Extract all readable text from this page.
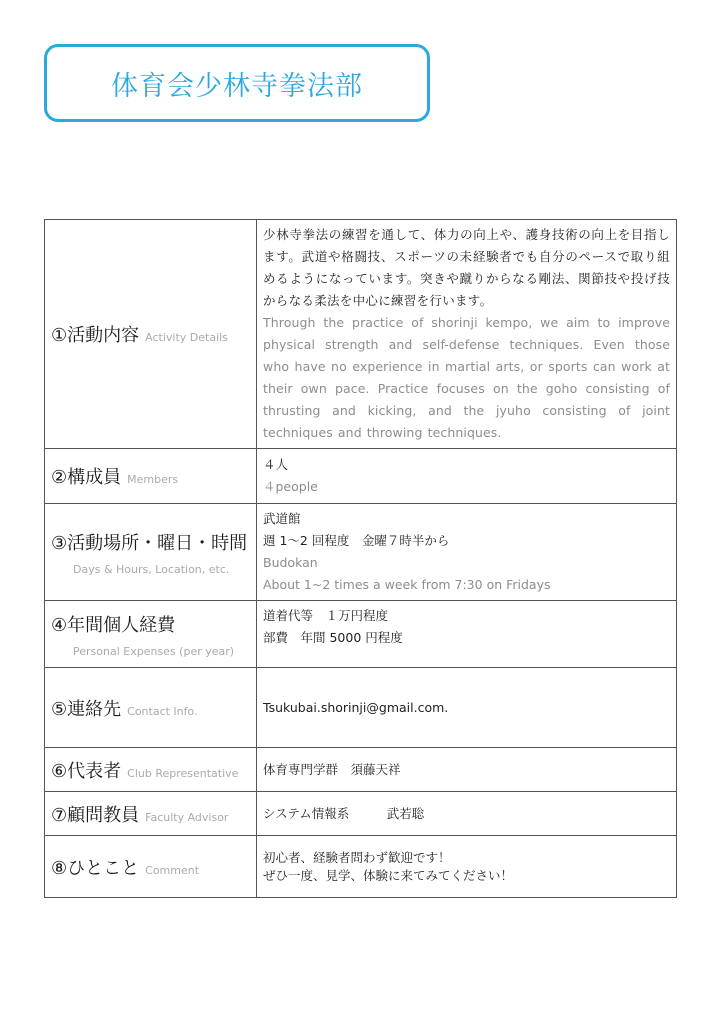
体育会少林寺拳法部
①活動内容 Activity Details	少林寺拳法の練習を通して、体力の向上や、護身技術の向上を目指します。武道や格闘技、スポーツの未経験者でも自分のペースで取り組めるようになっています。突きや蹴りからなる剛法、関節技や投げ技からなる柔法を中心に練習を行います。
Through the practice of shorinji kempo, we aim to improve physical strength and self-defense techniques. Even those who have no experience in martial arts, or sports can work at their own pace. Practice focuses on the goho consisting of thrusting and kicking, and the jyuho consisting of joint techniques and throwing techniques.

②構成員 Members	４人
４people

③活動場所・曜日・時間
Days & Hours, Location, etc.	武道館
週 1～2 回程度　金曜７時半から
Budokan
About 1~2 times a week from 7:30 on Fridays

④年間個人経費
Personal Expenses (per year)	道着代等　１万円程度
部費　年間 5000 円程度

⑤連絡先 Contact Info.	Tsukubai.shorinji@gmail.com.

⑥代表者 Club Representative	体育専門学群　須藤天祥

⑦顧問教員 Faculty Advisor	システム情報系　　　武若聡

⑧ひとこと Comment	初心者、経験者問わず歓迎です！
ぜひ一度、見学、体験に来てみてください！
